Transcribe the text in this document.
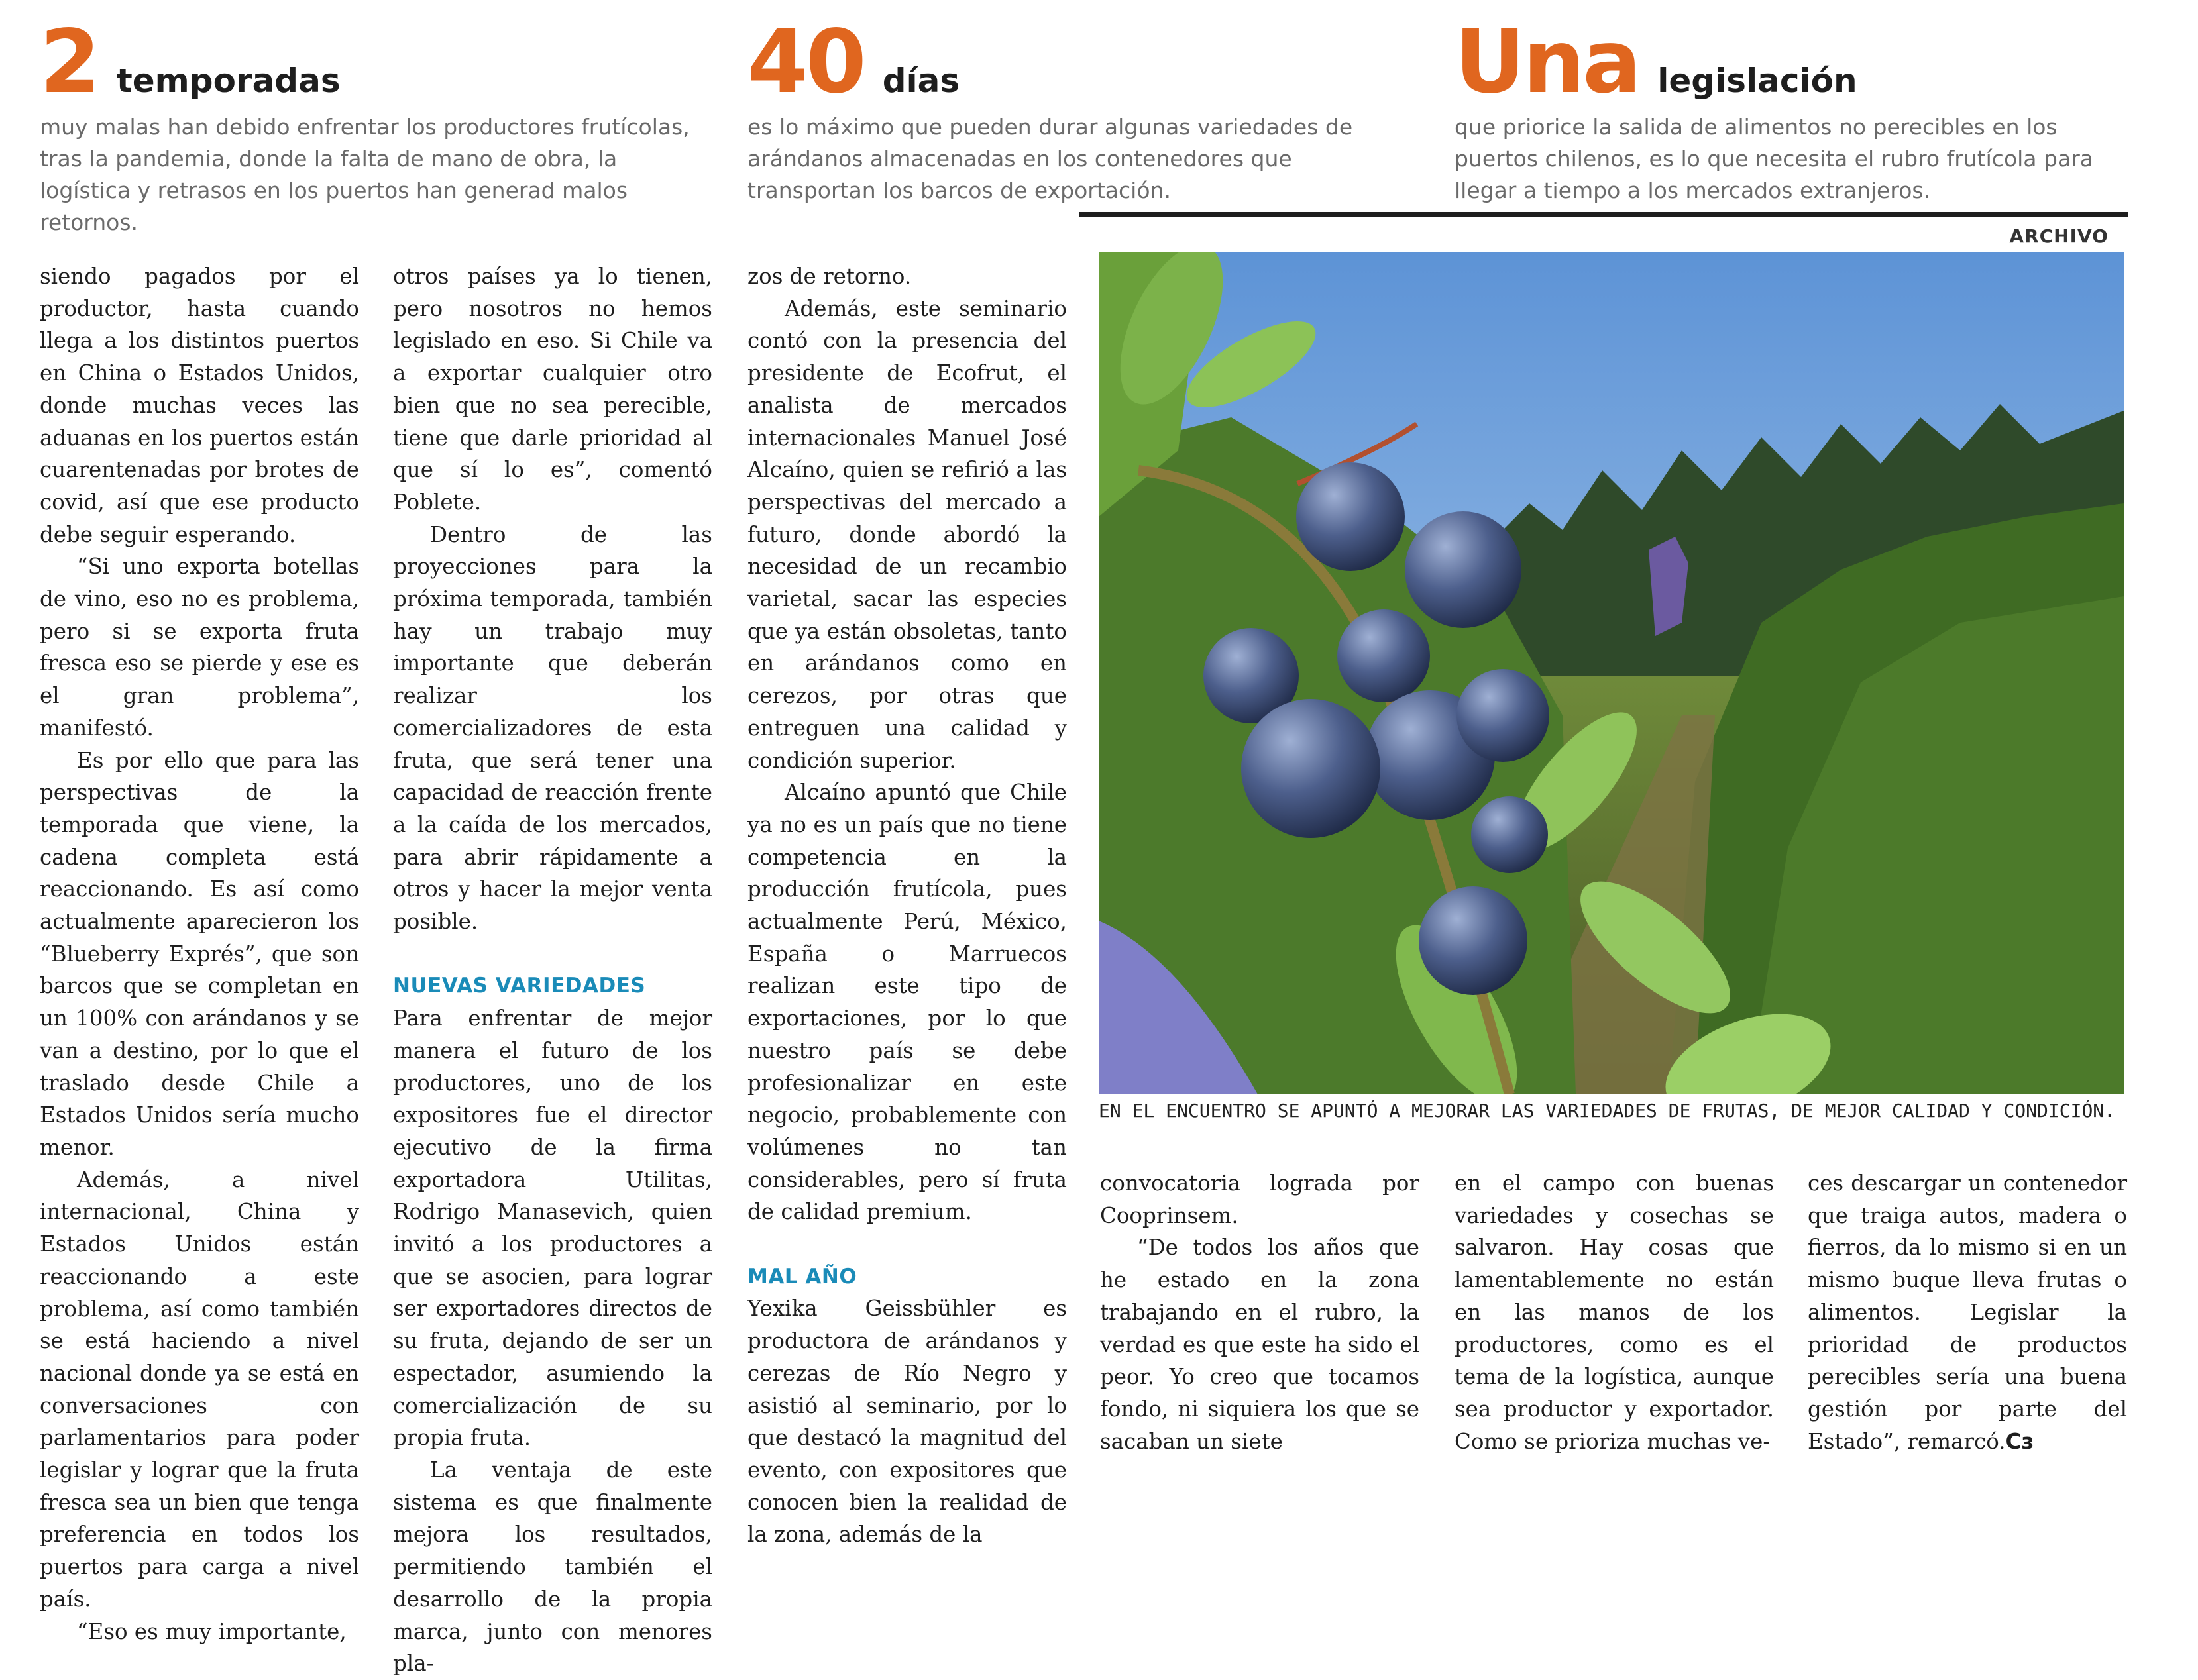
2 temporadas
muy malas han debido enfrentar los productores frutícolas, tras la pandemia, donde la falta de mano de obra, la logística y retrasos en los puertos han generad malos retornos.
40 días
es lo máximo que pueden durar algunas variedades de arándanos almacenadas en los contenedores que transportan los barcos de exportación.
Una legislación
que priorice la salida de alimentos no perecibles en los puertos chilenos, es lo que necesita el rubro frutícola para llegar a tiempo a los mercados extranjeros.
ARCHIVO
EN EL ENCUENTRO SE APUNTÓ A MEJORAR LAS VARIEDADES DE FRUTAS, DE MEJOR CALIDAD Y CONDICIÓN.

siendo pagados por el productor, hasta cuando llega a los distintos puertos en China o Estados Unidos, donde muchas veces las aduanas en los puertos están cuarentenadas por brotes de covid, así que ese producto debe seguir esperando.

“Si uno exporta botellas de vino, eso no es problema, pero si se exporta fruta fresca eso se pierde y ese es el gran problema”, manifestó.

Es por ello que para las perspectivas de la temporada que viene, la cadena completa está reaccionando. Es así como actualmente aparecieron los “Blueberry Exprés”, que son barcos que se completan en un 100% con arándanos y se van a destino, por lo que el traslado desde Chile a Estados Unidos sería mucho menor.

Además, a nivel internacional, China y Estados Unidos están reaccionando a este problema, así como también se está haciendo a nivel nacional donde ya se está en conversaciones con parlamentarios para poder legislar y lograr que la fruta fresca sea un bien que tenga preferencia en todos los puertos para carga a nivel país.

“Eso es muy importante,

otros países ya lo tienen, pero nosotros no hemos legislado en eso. Si Chile va a exportar cualquier otro bien que no sea perecible, tiene que darle prioridad al que sí lo es”, comentó Poblete.

Dentro de las proyecciones para la próxima temporada, también hay un trabajo muy importante que deberán realizar los comercializadores de esta fruta, que será tener una capacidad de reacción frente a la caída de los mercados, para abrir rápidamente a otros y hacer la mejor venta posible.

NUEVAS VARIEDADES

Para enfrentar de mejor manera el futuro de los productores, uno de los expositores fue el director ejecutivo de la firma exportadora Utilitas, Rodrigo Manasevich, quien invitó a los productores a que se asocien, para lograr ser exportadores directos de su fruta, dejando de ser un espectador, asumiendo la comercialización de su propia fruta.

La ventaja de este sistema es que finalmente mejora los resultados, permitiendo también el desarrollo de la propia marca, junto con menores pla-

zos de retorno.

Además, este seminario contó con la presencia del presidente de Ecofrut, el analista de mercados internacionales Manuel José Alcaíno, quien se refirió a las perspectivas del mercado a futuro, donde abordó la necesidad de un recambio varietal, sacar las especies que ya están obsoletas, tanto en arándanos como en cerezos, por otras que entreguen una calidad y condición superior.

Alcaíno apuntó que Chile ya no es un país que no tiene competencia en la producción frutícola, pues actualmente Perú, México, España o Marruecos realizan este tipo de exportaciones, por lo que nuestro país se debe profesionalizar en este negocio, probablemente con volúmenes no tan considerables, pero sí fruta de calidad premium.

MAL AÑO

Yexika Geissbühler es productora de arándanos y cerezas de Río Negro y asistió al seminario, por lo que destacó la magnitud del evento, con expositores que conocen bien la realidad de la zona, además de la

convocatoria lograda por Cooprinsem.

“De todos los años que he estado en la zona trabajando en el rubro, la verdad es que este ha sido el peor. Yo creo que tocamos fondo, ni siquiera los que se sacaban un siete

en el campo con buenas variedades y cosechas se salvaron. Hay cosas que lamentablemente no están en las manos de los productores, como es el tema de la logística, aunque sea productor y exportador. Como se prioriza muchas ve-

ces descargar un contenedor que traiga autos, madera o fierros, da lo mismo si en un mismo buque lleva frutas o alimentos. Legislar la prioridad de productos perecibles sería una buena gestión por parte del Estado”, remarcó.Cз
